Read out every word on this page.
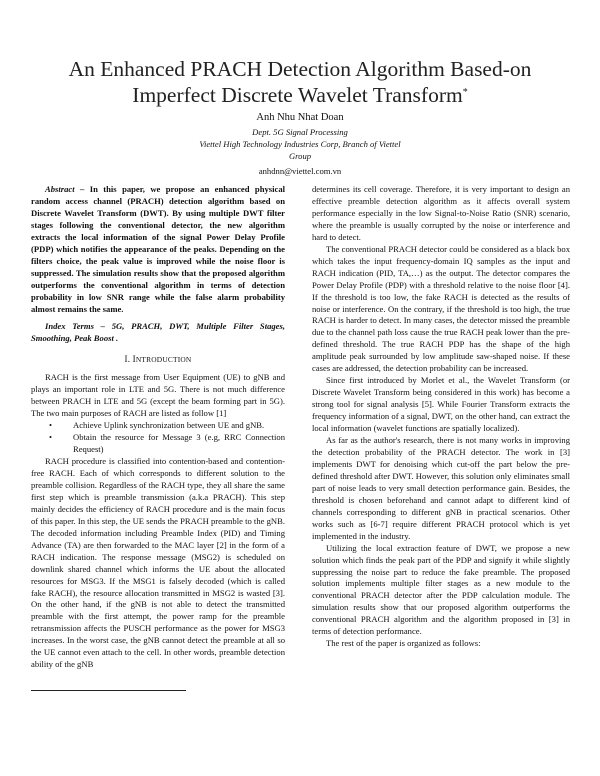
An Enhanced PRACH Detection Algorithm Based-on
Imperfect Discrete Wavelet Transform*
Anh Nhu Nhat Doan
Dept. 5G Signal Processing
Viettel High Technology Industries Corp, Branch of Viettel
Group
anhdnn@viettel.com.vn

Abstract – In this paper, we propose an enhanced physical random access channel (PRACH) detection algorithm based on Discrete Wavelet Transform (DWT). By using multiple DWT filter stages following the conventional detector, the new algorithm extracts the local information of the signal Power Delay Profile (PDP) which notifies the appearance of the peaks. Depending on the filters choice, the peak value is improved while the noise floor is suppressed. The simulation results show that the proposed algorithm outperforms the conventional algorithm in terms of detection probability in low SNR range while the false alarm probability almost remains the same.

Index Terms – 5G, PRACH, DWT, Multiple Filter Stages, Smoothing, Peak Boost .

I. INTRODUCTION

RACH is the first message from User Equipment (UE) to gNB and plays an important role in LTE and 5G. There is not much difference between PRACH in LTE and 5G (except the beam forming part in 5G). The two main purposes of RACH are listed as follow [1]

• Achieve Uplink synchronization between UE and gNB.
• Obtain the resource for Message 3 (e.g, RRC Connection Request)

RACH procedure is classified into contention-based and contention-free RACH. Each of which corresponds to different solution to the preamble collision. Regardless of the RACH type, they all share the same first step which is preamble transmission (a.k.a PRACH). This step mainly decides the efficiency of RACH procedure and is the main focus of this paper. In this step, the UE sends the PRACH preamble to the gNB. The decoded information including Preamble Index (PID) and Timing Advance (TA) are then forwarded to the MAC layer [2] in the form of a RACH indication. The response message (MSG2) is scheduled on downlink shared channel which informs the UE about the allocated resources for MSG3. If the MSG1 is falsely decoded (which is called fake RACH), the resource allocation transmitted in MSG2 is wasted [3]. On the other hand, if the gNB is not able to detect the transmitted preamble with the first attempt, the power ramp for the preamble retransmission affects the PUSCH performance as the power for MSG3 increases. In the worst case, the gNB cannot detect the preamble at all so the UE cannot even attach to the cell. In other words, preamble detection ability of the gNB

determines its cell coverage. Therefore, it is very important to design an effective preamble detection algorithm as it affects overall system performance especially in the low Signal-to-Noise Ratio (SNR) scenario, where the preamble is usually corrupted by the noise or interference and hard to detect.

The conventional PRACH detector could be considered as a black box which takes the input frequency-domain IQ samples as the input and RACH indication (PID, TA,…) as the output. The detector compares the Power Delay Profile (PDP) with a threshold relative to the noise floor [4]. If the threshold is too low, the fake RACH is detected as the results of noise or interference. On the contrary, if the threshold is too high, the true RACH is harder to detect. In many cases, the detector missed the preamble due to the channel path loss cause the true RACH peak lower than the pre-defined threshold. The true RACH PDP has the shape of the high amplitude peak surrounded by low amplitude saw-shaped noise. If these cases are addressed, the detection probability can be increased.

Since first introduced by Morlet et al., the Wavelet Transform (or Discrete Wavelet Transform being considered in this work) has become a strong tool for signal analysis [5]. While Fourier Transform extracts the frequency information of a signal, DWT, on the other hand, can extract the local information (wavelet functions are spatially localized).

As far as the author's research, there is not many works in improving the detection probability of the PRACH detector. The work in [3] implements DWT for denoising which cut-off the part below the pre-defined threshold after DWT. However, this solution only eliminates small part of noise leads to very small detection performance gain. Besides, the threshold is chosen beforehand and cannot adapt to different kind of channels corresponding to different gNB in practical scenarios. Other works such as [6-7] require different PRACH protocol which is yet implemented in the industry.

Utilizing the local extraction feature of DWT, we propose a new solution which finds the peak part of the PDP and signify it while slightly suppressing the noise part to reduce the fake preamble. The proposed solution implements multiple filter stages as a new module to the conventional PRACH detector after the PDP calculation module. The simulation results show that our proposed algorithm outperforms the conventional PRACH algorithm and the algorithm proposed in [3] in terms of detection performance.

The rest of the paper is organized as follows:
